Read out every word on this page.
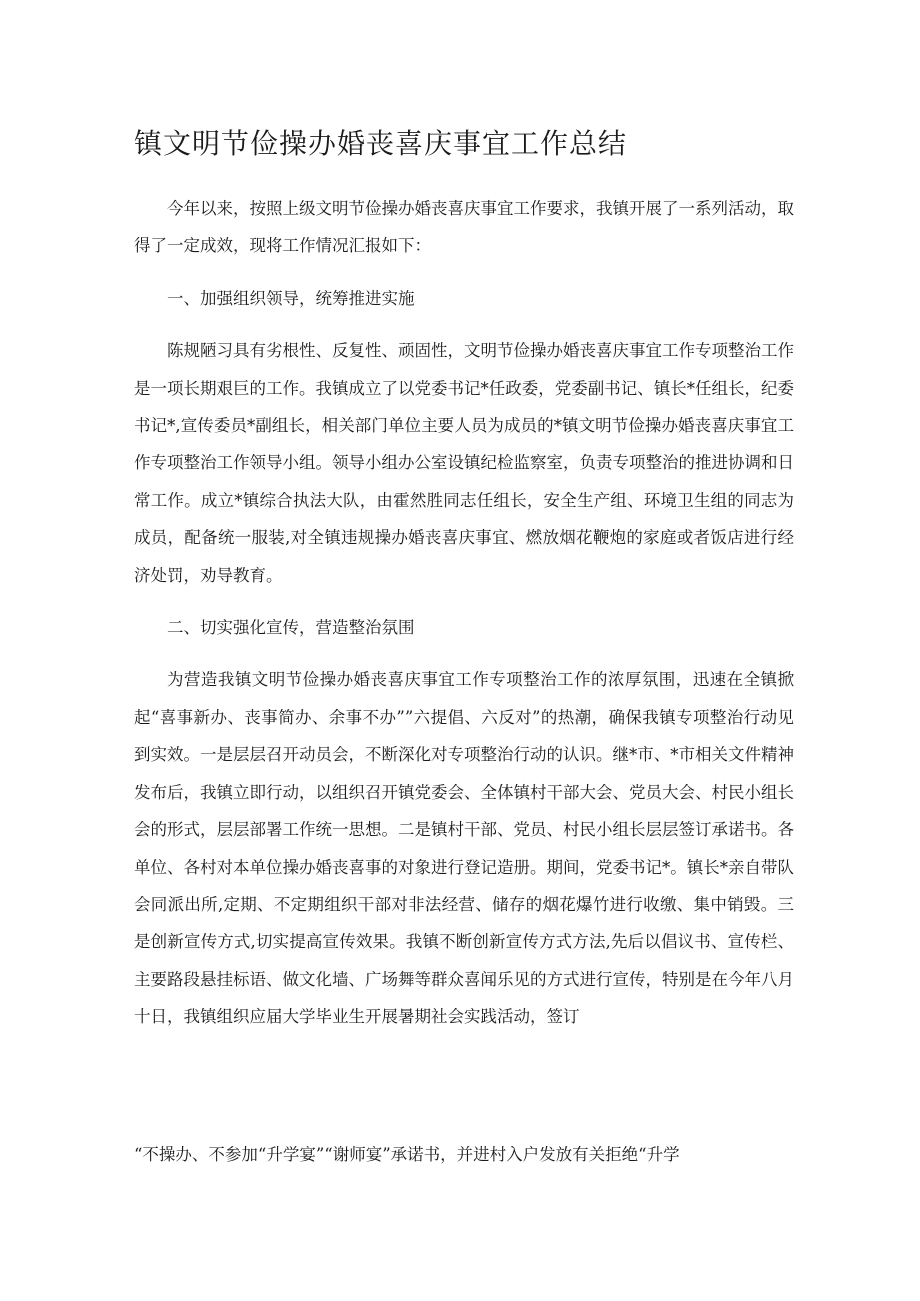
镇文明节俭操办婚丧喜庆事宜工作总结

今年以来，按照上级文明节俭操办婚丧喜庆事宜工作要求，我镇开展了一系列活动，取得了一定成效，现将工作情况汇报如下：

一、加强组织领导，统筹推进实施

陈规陋习具有劣根性、反复性、顽固性，文明节俭操办婚丧喜庆事宜工作专项整治工作是一项长期艰巨的工作。我镇成立了以党委书记*任政委，党委副书记、镇长*任组长，纪委书记*,宣传委员*副组长，相关部门单位主要人员为成员的*镇文明节俭操办婚丧喜庆事宜工作专项整治工作领导小组。领导小组办公室设镇纪检监察室，负责专项整治的推进协调和日常工作。成立*镇综合执法大队，由霍然胜同志任组长，安全生产组、环境卫生组的同志为成员，配备统一服装,对全镇违规操办婚丧喜庆事宜、燃放烟花鞭炮的家庭或者饭店进行经济处罚，劝导教育。

二、切实强化宣传，营造整治氛围

为营造我镇文明节俭操办婚丧喜庆事宜工作专项整治工作的浓厚氛围，迅速在全镇掀起“喜事新办、丧事简办、余事不办””六提倡、六反对”的热潮，确保我镇专项整治行动见到实效。一是层层召开动员会，不断深化对专项整治行动的认识。继*市、*市相关文件精神发布后，我镇立即行动，以组织召开镇党委会、全体镇村干部大会、党员大会、村民小组长会的形式，层层部署工作统一思想。二是镇村干部、党员、村民小组长层层签订承诺书。各单位、各村对本单位操办婚丧喜事的对象进行登记造册。期间，党委书记*。镇长*亲自带队会同派出所,定期、不定期组织干部对非法经营、储存的烟花爆竹进行收缴、集中销毁。三是创新宣传方式,切实提高宣传效果。我镇不断创新宣传方式方法,先后以倡议书、宣传栏、主要路段悬挂标语、做文化墙、广场舞等群众喜闻乐见的方式进行宣传，特别是在今年八月十日，我镇组织应届大学毕业生开展暑期社会实践活动，签订

“不操办、不参加“升学宴”“谢师宴”承诺书，并进村入户发放有关拒绝“升学
